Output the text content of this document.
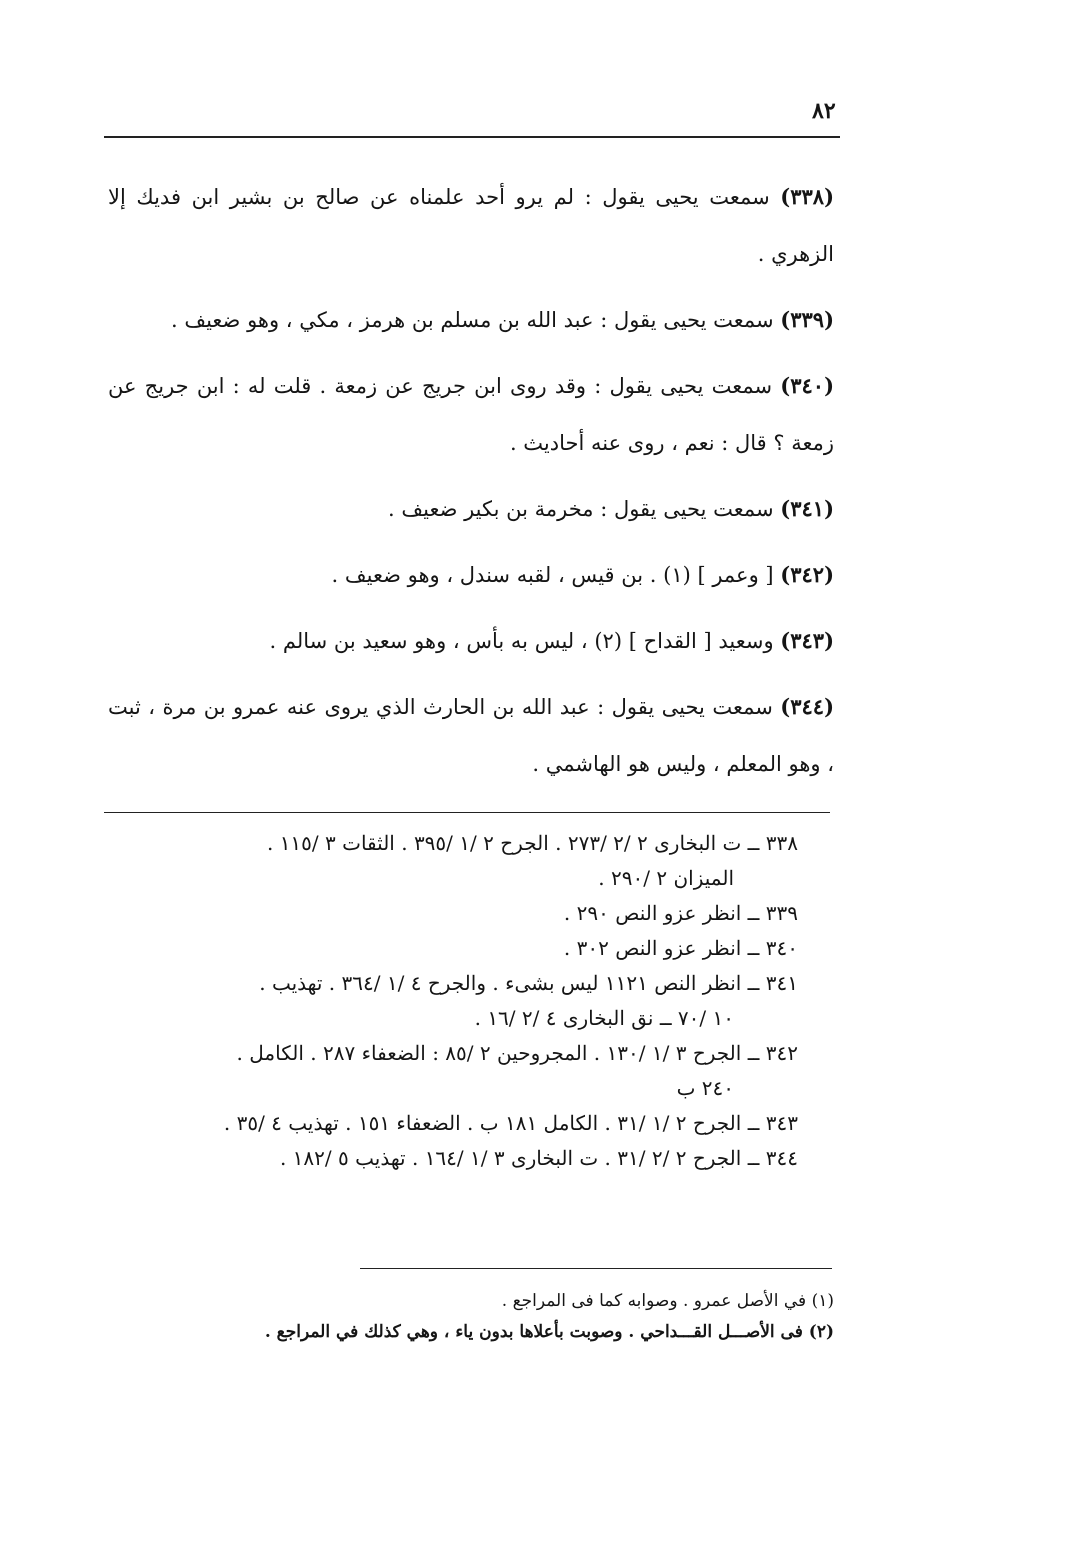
٨٢

(٣٣٨) سمعت يحيى يقول : لم يرو أحد علمناه عن صالح بن بشير ابن فديك إلا الزهري .

(٣٣٩) سمعت يحيى يقول : عبد الله بن مسلم بن هرمز ، مكي ، وهو ضعيف .

(٣٤٠) سمعت يحيى يقول : وقد روى ابن جريج عن زمعة . قلت له : ابن جريج عن زمعة ؟ قال : نعم ، روى عنه أحاديث .

(٣٤١) سمعت يحيى يقول : مخرمة بن بكير ضعيف .

(٣٤٢) [ وعمر ] (١) . بن قيس ، لقبه سندل ، وهو ضعيف .

(٣٤٣) وسعيد [ القداح ] (٢) ، ليس به بأس ، وهو سعيد بن سالم .

(٣٤٤) سمعت يحيى يقول : عبد الله بن الحارث الذي يروى عنه عمرو بن مرة ، ثبت ، وهو المعلم ، وليس هو الهاشمي .

٣٣٨ ــ ت البخارى ٢ /٢ /٢٧٣ . الجرح ٢ /١ /٣٩٥ . الثقات ٣ /١١٥ .
الميزان ٢ /٢٩٠ .
٣٣٩ ــ انظر عزو النص ٢٩٠ .
٣٤٠ ــ انظر عزو النص ٣٠٢ .
٣٤١ ــ انظر النص ١١٢١ ليس بشىء . والجرح ٤ /١ /٣٦٤ . تهذيب .
١٠ /٧٠ ــ نق البخارى ٤ /٢ /١٦ .
٣٤٢ ــ الجرح ٣ /١ /١٣٠ . المجروحين ٢ /٨٥ : الضعفاء ٢٨٧ . الكامل .
٢٤٠ ب
٣٤٣ ــ الجرح ٢ /١ /٣١ . الكامل ١٨١ ب . الضعفاء ١٥١ . تهذيب ٤ /٣٥ .
٣٤٤ ــ الجرح ٢ /٢ /٣١ . ت البخارى ٣ /١ /١٦٤ . تهذيب ٥ /١٨٢ .

(١) في الأصل عمرو . وصوابه كما فى المراجع .

(٢) فى الأصـــل القـــداحي . وصوبت بأعلاها بدون ياء ، وهي كذلك في المراجع .
